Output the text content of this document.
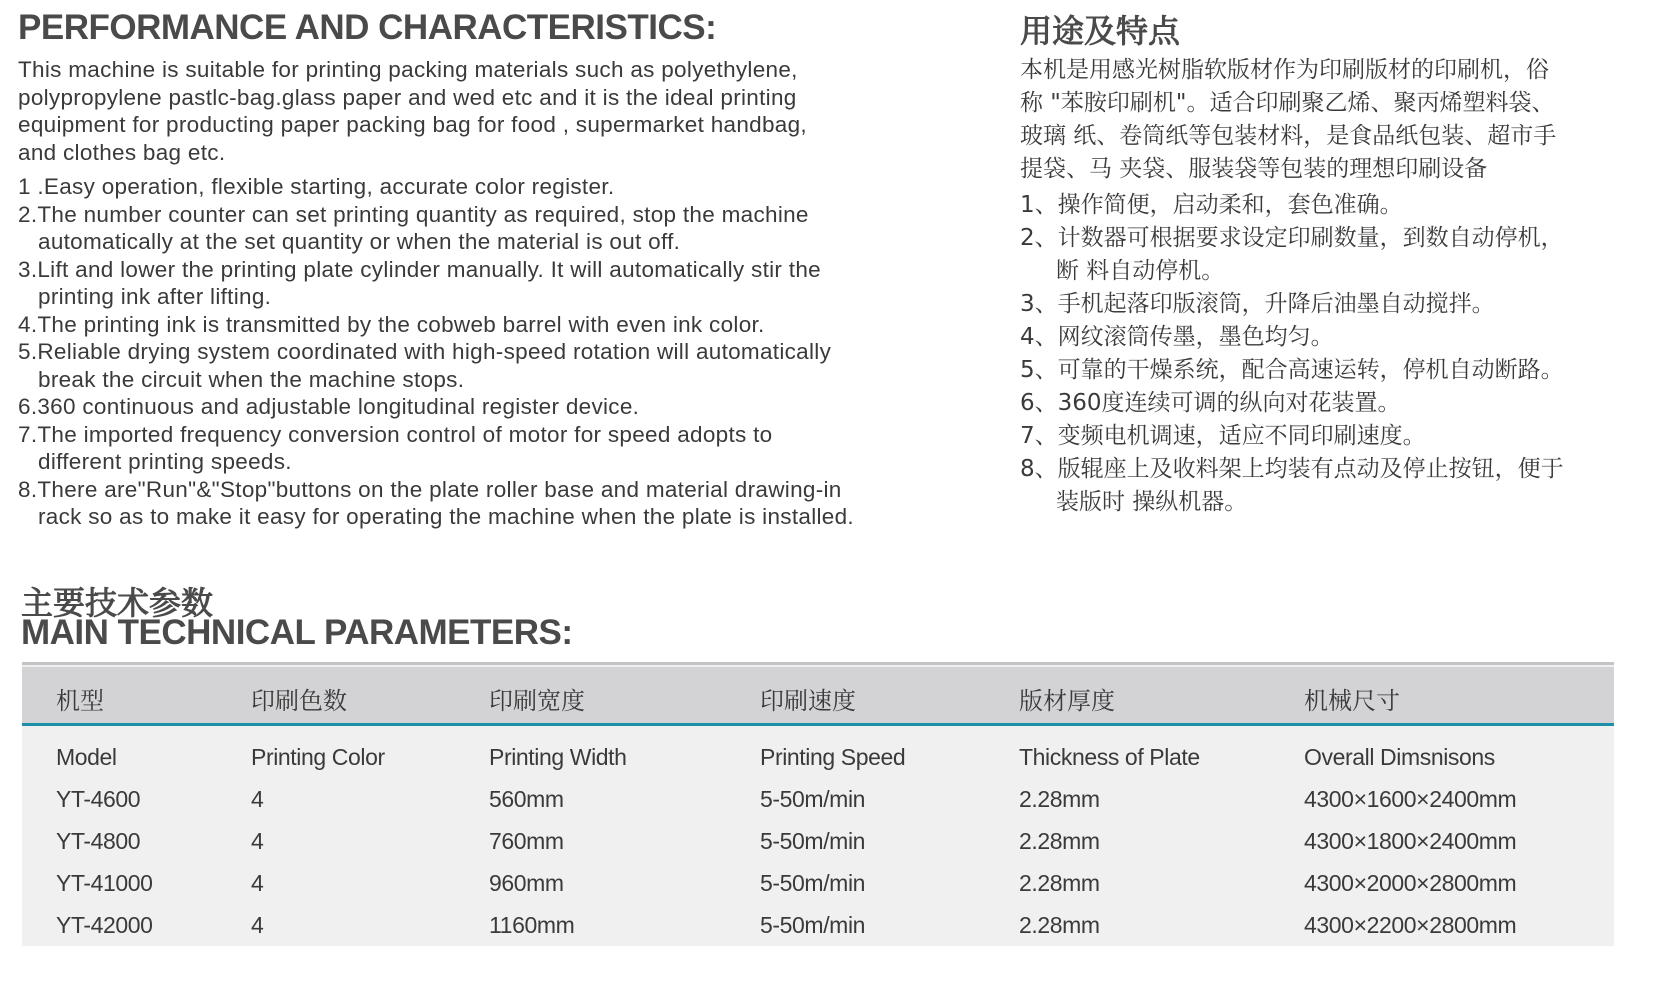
PERFORMANCE AND CHARACTERISTICS:

This machine is suitable for printing packing materials such as polyethylene,
polypropylene pastlc-bag.glass paper and wed etc and it is the ideal printing
equipment for producting paper packing bag for food , supermarket handbag,
and clothes bag etc.

1 .Easy operation, flexible starting, accurate color register.
2.The number counter can set printing quantity as required, stop the machine
automatically at the set quantity or when the material is out off.
3.Lift and lower the printing plate cylinder manually. It will automatically stir the
printing ink after lifting.
4.The printing ink is transmitted by the cobweb barrel with even ink color.
5.Reliable drying system coordinated with high-speed rotation will automatically
break the circuit when the machine stops.
6.360 continuous and adjustable longitudinal register device.
7.The imported frequency conversion control of motor for speed adopts to
different printing speeds.
8.There are"Run"&"Stop"buttons on the plate roller base and material drawing-in
rack so as to make it easy for operating the machine when the plate is installed.
用途及特点

本机是用感光树脂软版材作为印刷版材的印刷机，俗
称 "苯胺印刷机"。适合印刷聚乙烯、聚丙烯塑料袋、
玻璃 纸、卷筒纸等包装材料，是食品纸包装、超市手
提袋、马 夹袋、服装袋等包装的理想印刷设备

1、操作简便，启动柔和，套色准确。
2、计数器可根据要求设定印刷数量，到数自动停机，
断 料自动停机。
3、手机起落印版滚筒，升降后油墨自动搅拌。
4、网纹滚筒传墨，墨色均匀。
5、可靠的干燥系统，配合高速运转，停机自动断路。
6、360度连续可调的纵向对花装置。
7、变频电机调速，适应不同印刷速度。
8、版辊座上及收料架上均装有点动及停止按钮，便于
装版时 操纵机器。
主要技术参数
MAIN TECHNICAL PARAMETERS:
机型	印刷色数	印刷宽度	印刷速度	版材厚度	机械尺寸
Model	Printing Color	Printing Width	Printing Speed	Thickness of Plate	Overall Dimsnisons
YT-4600	4	560mm	5-50m/min	2.28mm	4300×1600×2400mm
YT-4800	4	760mm	5-50m/min	2.28mm	4300×1800×2400mm
YT-41000	4	960mm	5-50m/min	2.28mm	4300×2000×2800mm
YT-42000	4	1160mm	5-50m/min	2.28mm	4300×2200×2800mm
